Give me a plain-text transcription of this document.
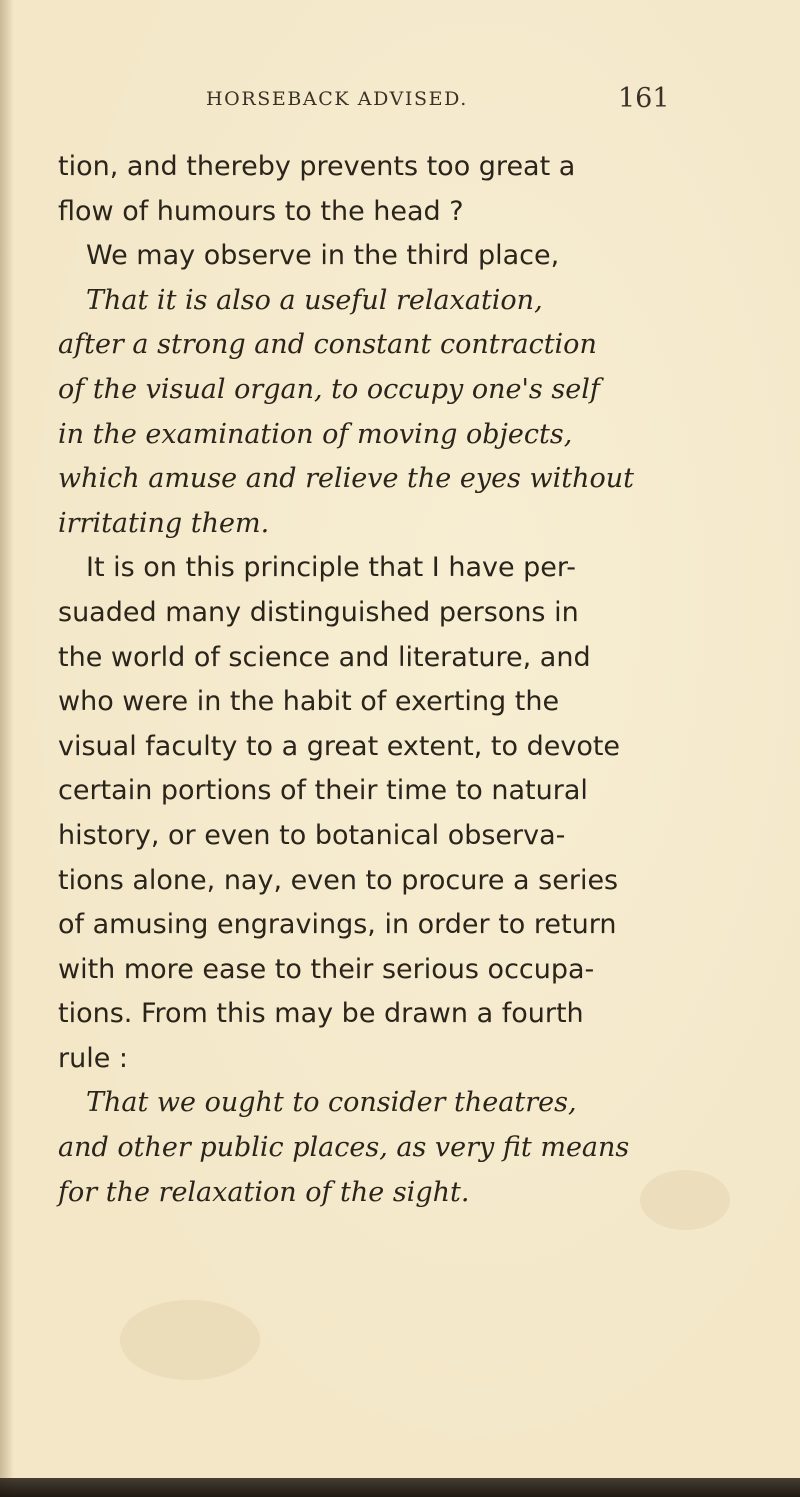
HORSEBACK ADVISED.	161
tion, and thereby prevents too great a
flow of humours to the head ?
We may observe in the third place,
That it is also a useful relaxation,
after a strong and constant contraction
of the visual organ, to occupy one's self
in the examination of moving objects,
which amuse and relieve the eyes without
irritating them.
It is on this principle that I have per-
suaded many distinguished persons in
the world of science and literature, and
who were in the habit of exerting the
visual faculty to a great extent, to devote
certain portions of their time to natural
history, or even to botanical observa-
tions alone, nay, even to procure a series
of amusing engravings, in order to return
with more ease to their serious occupa-
tions. From this may be drawn a fourth
rule :
That we ought to consider theatres,
and other public places, as very fit means
for the relaxation of the sight.
